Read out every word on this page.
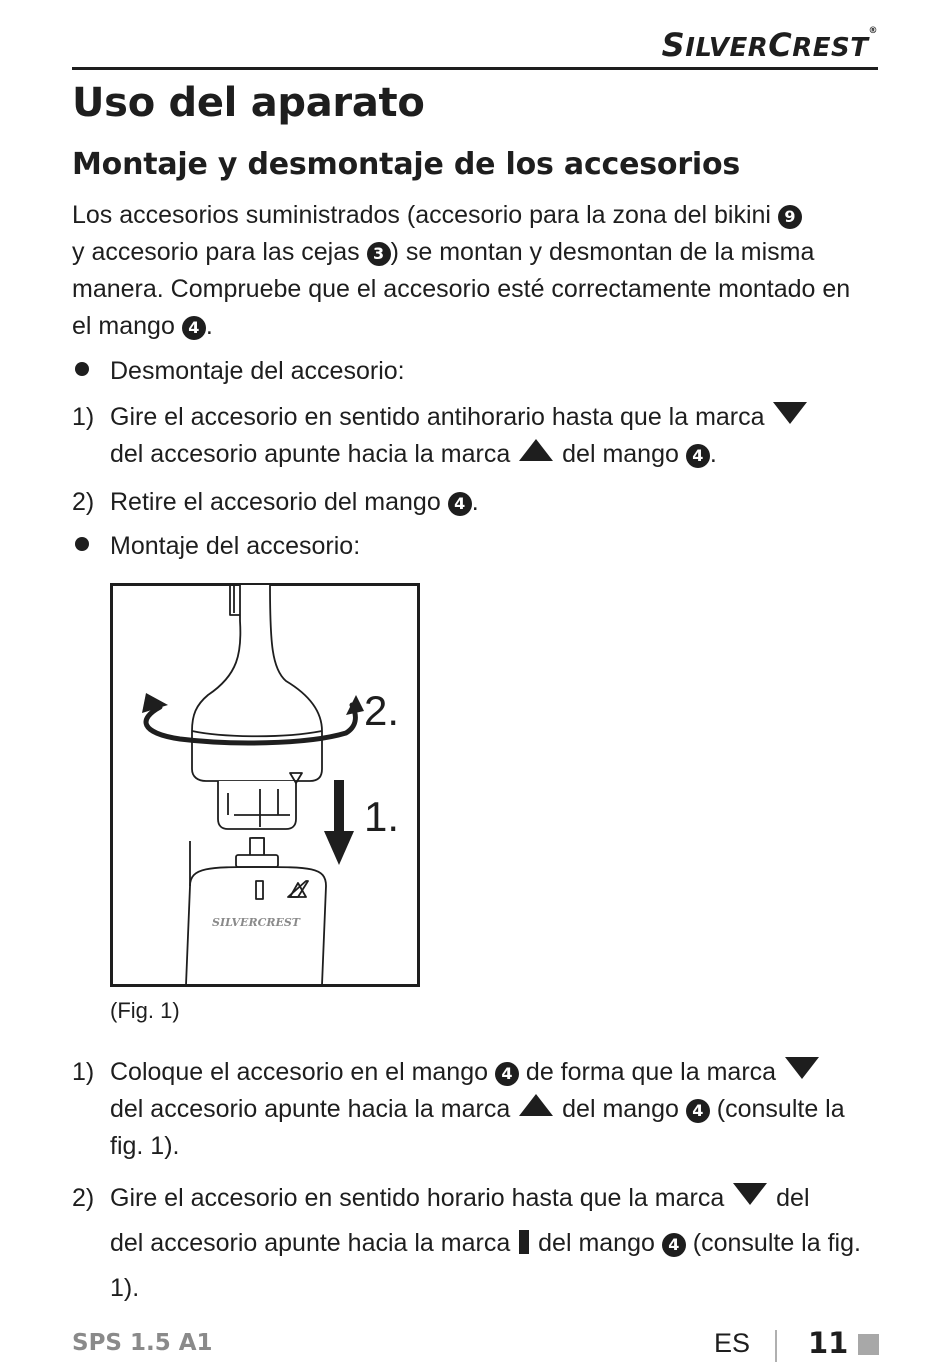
SILVERCREST®
Uso del aparato
Montaje y desmontaje de los accesorios

Los accesorios suministrados (accesorio para la zona del bikini 9
y accesorio para las cejas 3 ) se montan y desmontan de la misma manera. Compruebe que el accesorio esté correctamente montado en el mango 4 .

Desmontaje del accesorio:
1) Gire el accesorio en sentido antihorario hasta que la marca
del accesorio apunte hacia la marca del mango 4 .
2) Retire el accesorio del mango 4 .
Montaje del accesorio:
2.
1.
SILVERCREST
(Fig. 1)
1) Coloque el accesorio en el mango 4 de forma que la marca
del accesorio apunte hacia la marca del mango 4 (consulte la fig. 1).
2) Gire el accesorio en sentido horario hasta que la marca del
del accesorio apunte hacia la marca del mango 4 (consulte la fig. 1).
SPS 1.5 A1	ES 11
